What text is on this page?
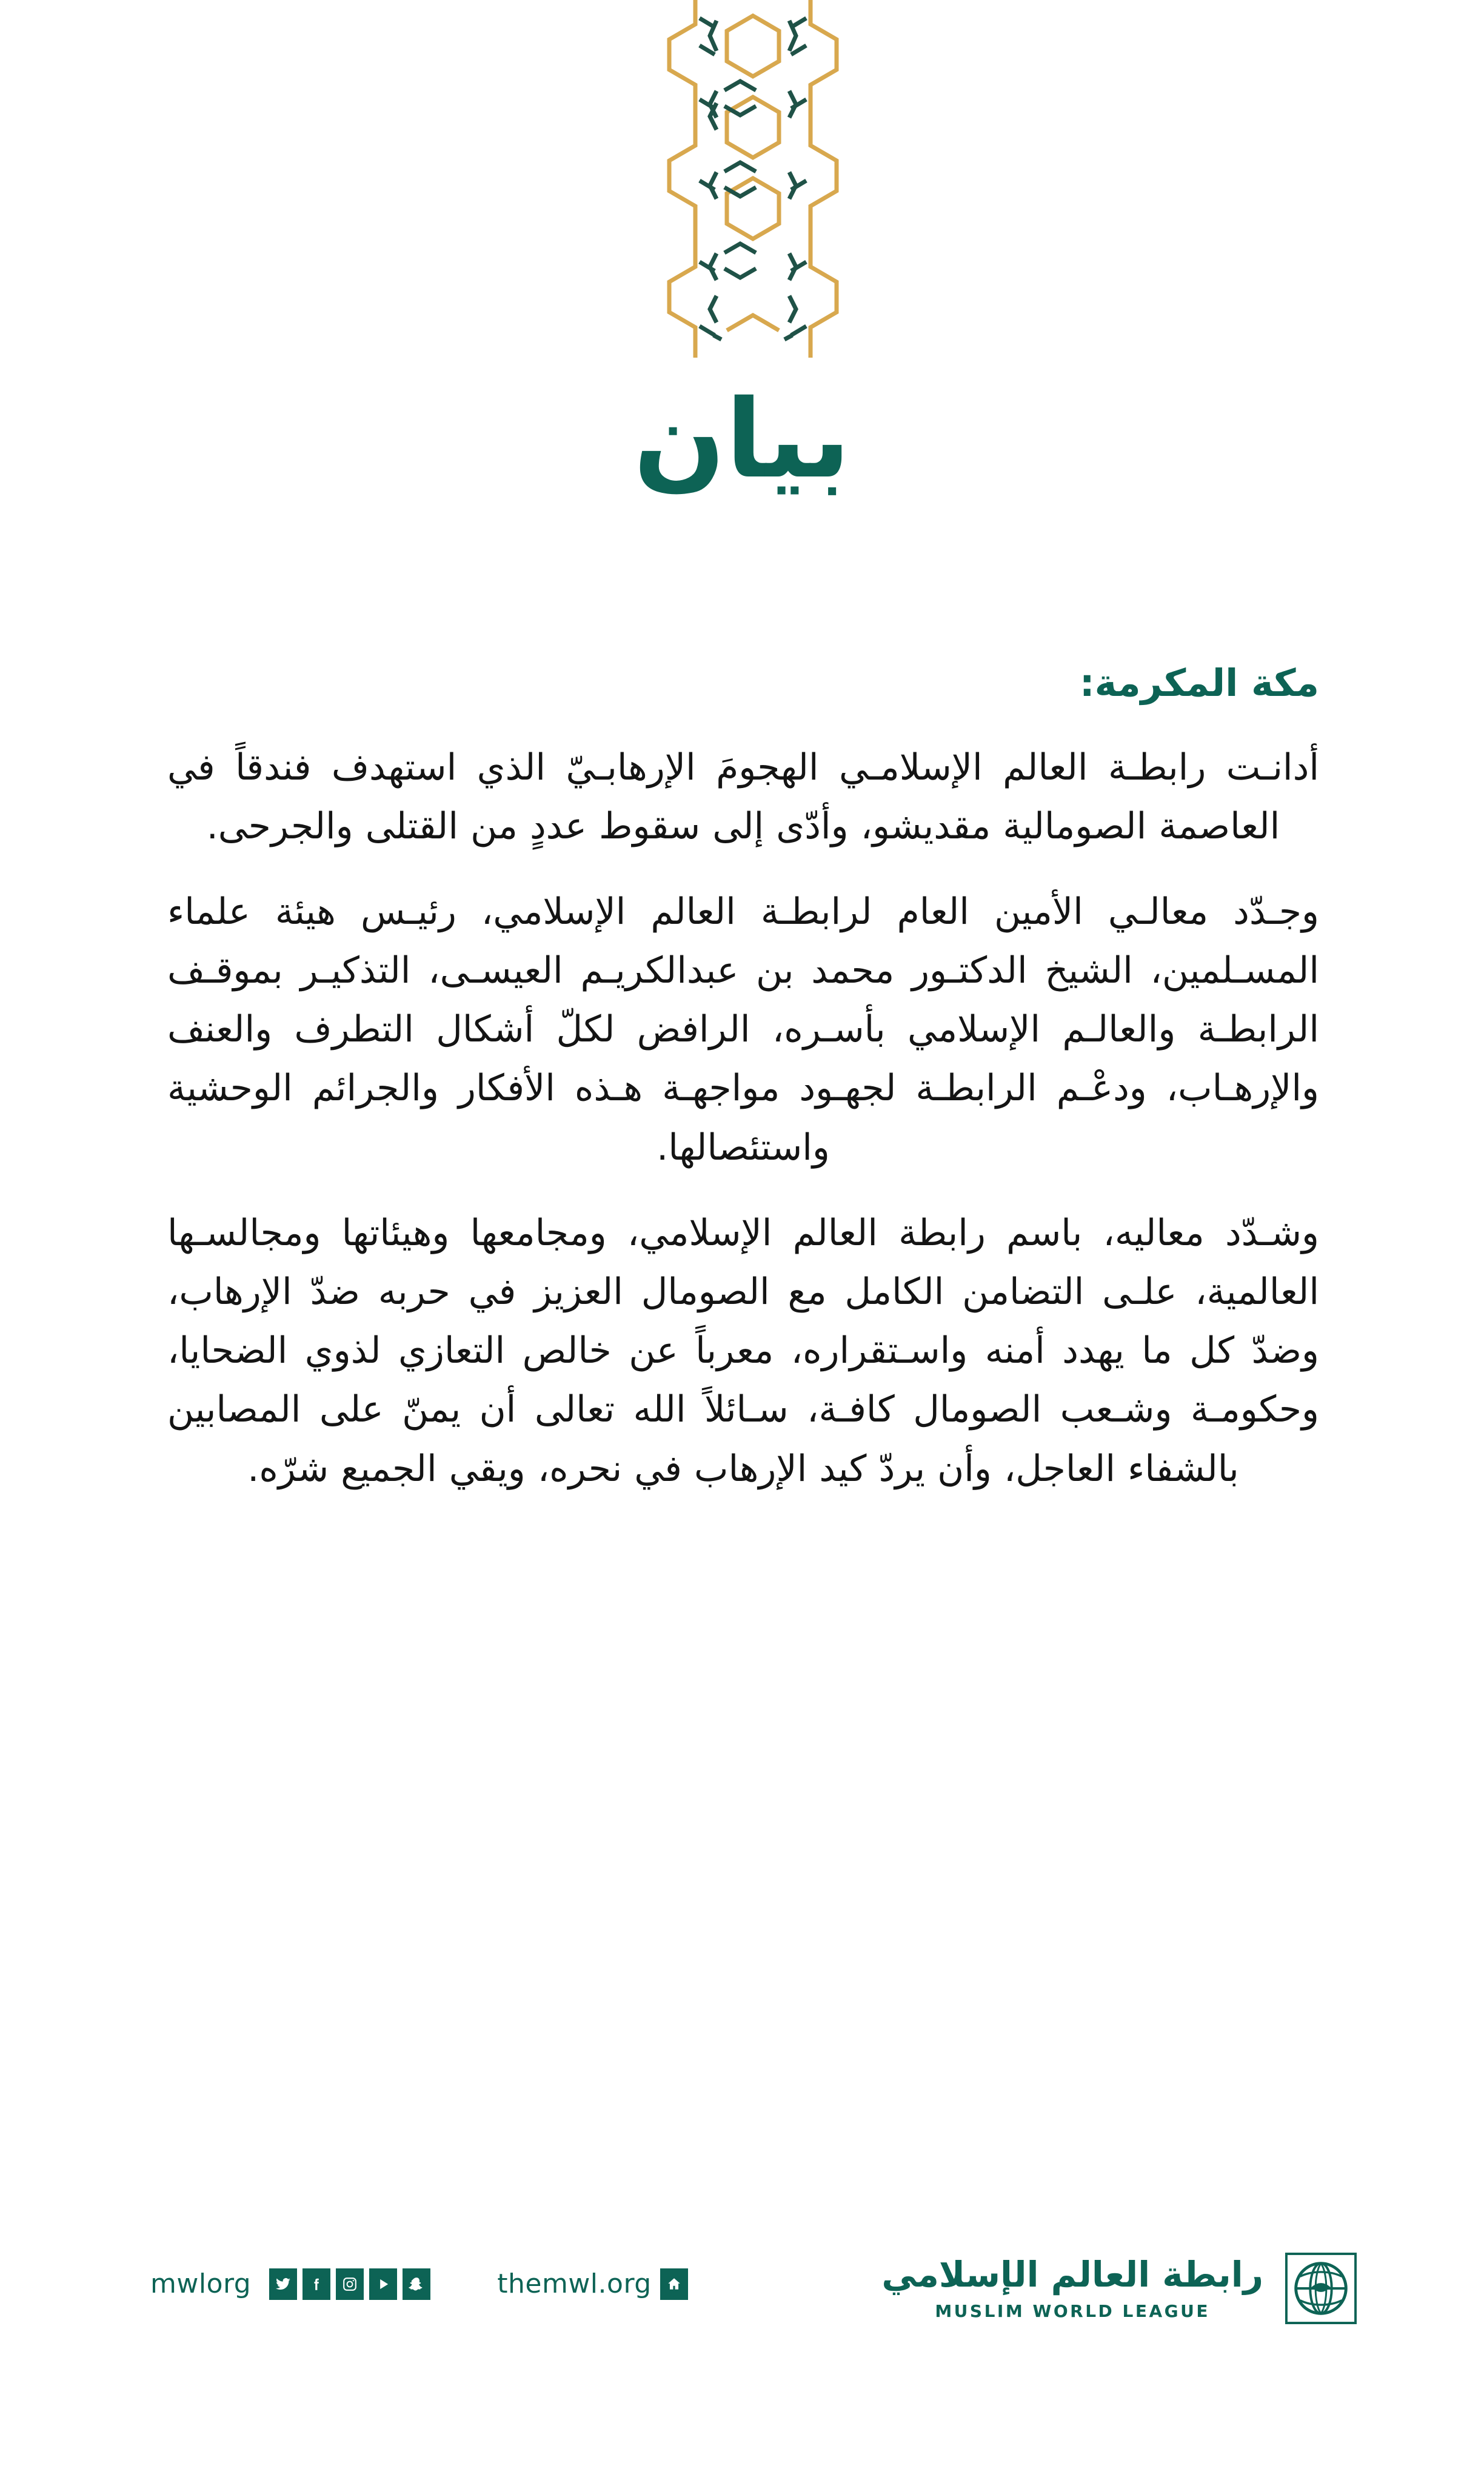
بيان
مكة المكرمة:

أدانـت رابطـة العالم الإسلامـي الهجومَ الإرهابـيّ الذي استهدف فندقاً في العاصمة الصومالية مقديشو، وأدّى إلى سقوط عددٍ من القتلى والجرحى.

وجـدّد معالـي الأمين العام لرابطـة العالم الإسلامي، رئيـس هيئة علماء المسـلمين، الشيخ الدكتـور محمد بن عبدالكريـم العيسـى، التذكيـر بموقـف الرابطـة والعالـم الإسلامي بأسـره، الرافض لكلّ أشكال التطرف والعنف والإرهـاب، ودعْـم الرابطـة لجهـود مواجهـة هـذه الأفكار والجرائم الوحشية واستئصالها.

وشـدّد معاليه، باسم رابطة العالم الإسلامي، ومجامعها وهيئاتها ومجالسـها العالمية، علـى التضامن الكامل مع الصومال العزيز في حربه ضدّ الإرهاب، وضدّ كل ما يهدد أمنه واسـتقراره، معرباً عن خالص التعازي لذوي الضحايا، وحكومـة وشـعب الصومال كافـة، سـائلاً الله تعالى أن يمنّ على المصابين بالشفاء العاجل، وأن يردّ كيد الإرهاب في نحره، ويقي الجميع شرّه.

mwlorg	themwl.org	رابطة العالم الإسلامي
MUSLIM WORLD LEAGUE
